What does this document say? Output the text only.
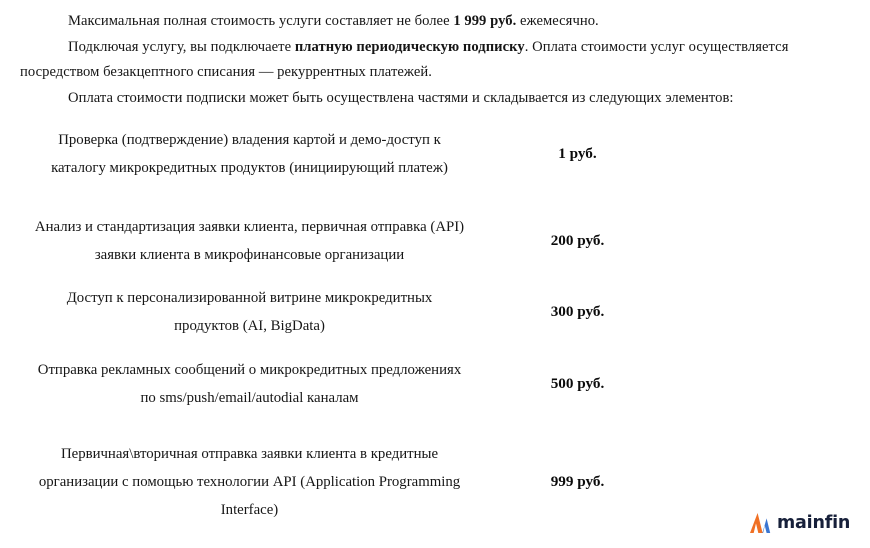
Максимальная полная стоимость услуги составляет не более 1 999 руб. ежемесячно.

Подключая услугу, вы подключаете платную периодическую подписку. Оплата стоимости услуг осуществляется посредством безакцептного списания — рекуррентных платежей.

Оплата стоимости подписки может быть осуществлена частями и складывается из следующих элементов:

Проверка (подтверждение) владения картой и демо-доступ к каталогу микрокредитных продуктов (инициирующий платеж)	1 руб.
Анализ и стандартизация заявки клиента, первичная отправка (API) заявки клиента в микрофинансовые организации	200 руб.
Доступ к персонализированной витрине микрокредитных продуктов (AI, BigData)	300 руб.
Отправка рекламных сообщений о микрокредитных предложениях по sms/push/email/autodial каналам	500 руб.
Первичная\вторичная отправка заявки клиента в кредитные организации с помощью технологии API (Application Programming Interface)	999 руб.
mainfin
